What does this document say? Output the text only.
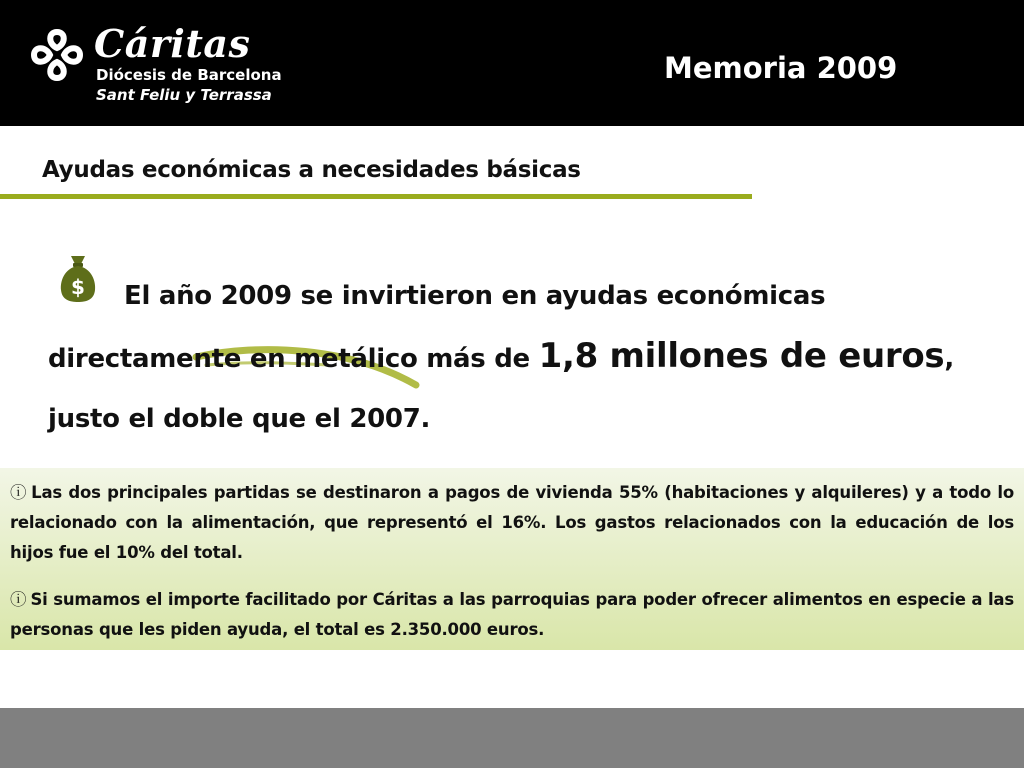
Cáritas
Diócesis de Barcelona
Sant Feliu y Terrassa
Memoria 2009
Ayudas económicas a necesidades básicas
$	El año 2009 se invirtieron en ayudas económicas directamente en metálico más de 1,8 millones de euros, justo el doble que el 2007.
ⓘ Las dos principales partidas se destinaron a pagos de vivienda 55% (habitaciones y alquileres) y a todo lo relacionado con la alimentación, que representó el 16%. Los gastos relacionados con la educación de los hijos fue el 10% del total.
ⓘ Si sumamos el importe facilitado por Cáritas a las parroquias para poder ofrecer alimentos en especie a las personas que les piden ayuda, el total es 2.350.000 euros.
